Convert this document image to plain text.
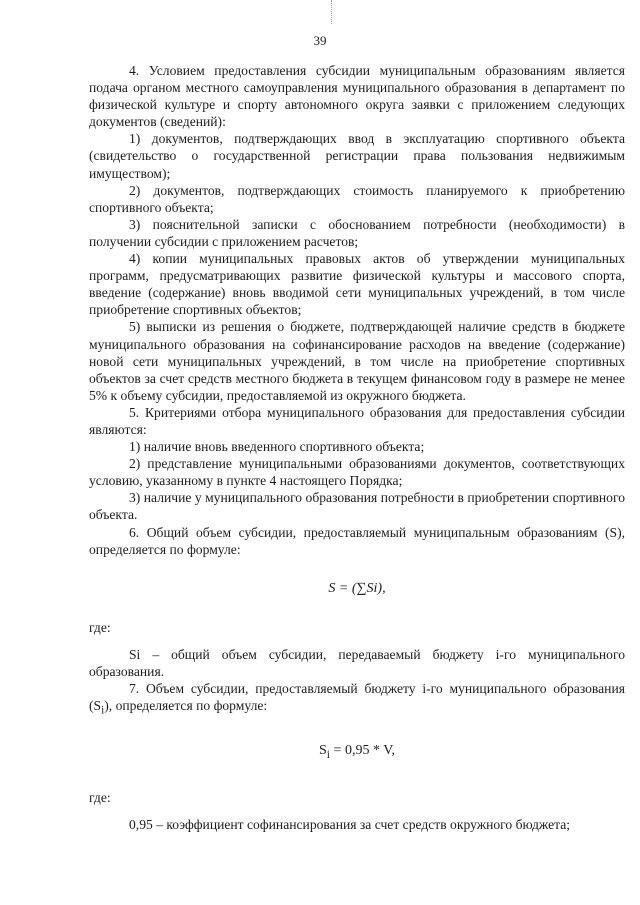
39

4. Условием предоставления субсидии муниципальным образованиям является подача органом местного самоуправления муниципального образования в департамент по физической культуре и спорту автономного округа заявки с приложением следующих документов (сведений):

1) документов, подтверждающих ввод в эксплуатацию спортивного объекта (свидетельство о государственной регистрации права пользования недвижимым имуществом);

2) документов, подтверждающих стоимость планируемого к приобретению спортивного объекта;

3) пояснительной записки с обоснованием потребности (необходимости) в получении субсидии с приложением расчетов;

4) копии муниципальных правовых актов об утверждении муниципальных программ, предусматривающих развитие физической культуры и массового спорта, введение (содержание) вновь вводимой сети муниципальных учреждений, в том числе приобретение спортивных объектов;

5) выписки из решения о бюджете, подтверждающей наличие средств в бюджете муниципального образования на софинансирование расходов на введение (содержание) новой сети муниципальных учреждений, в том числе на приобретение спортивных объектов за счет средств местного бюджета в текущем финансовом году в размере не менее 5% к объему субсидии, предоставляемой из окружного бюджета.

5. Критериями отбора муниципального образования для предоставления субсидии являются:

1) наличие вновь введенного спортивного объекта;

2) представление муниципальными образованиями документов, соответствующих условию, указанному в пункте 4 настоящего Порядка;

3) наличие у муниципального образования потребности в приобретении спортивного объекта.

6. Общий объем субсидии, предоставляемый муниципальным образованиям (S), определяется по формуле:

S = (∑Si),

где:

Si – общий объем субсидии, передаваемый бюджету i-го муниципального образования.

7. Объем субсидии, предоставляемый бюджету i-го муниципального образования $(S_i)$, определяется по формуле:

$S_i = 0,95 * V$,

где:

0,95 – коэффициент софинансирования за счет средств окружного бюджета;
